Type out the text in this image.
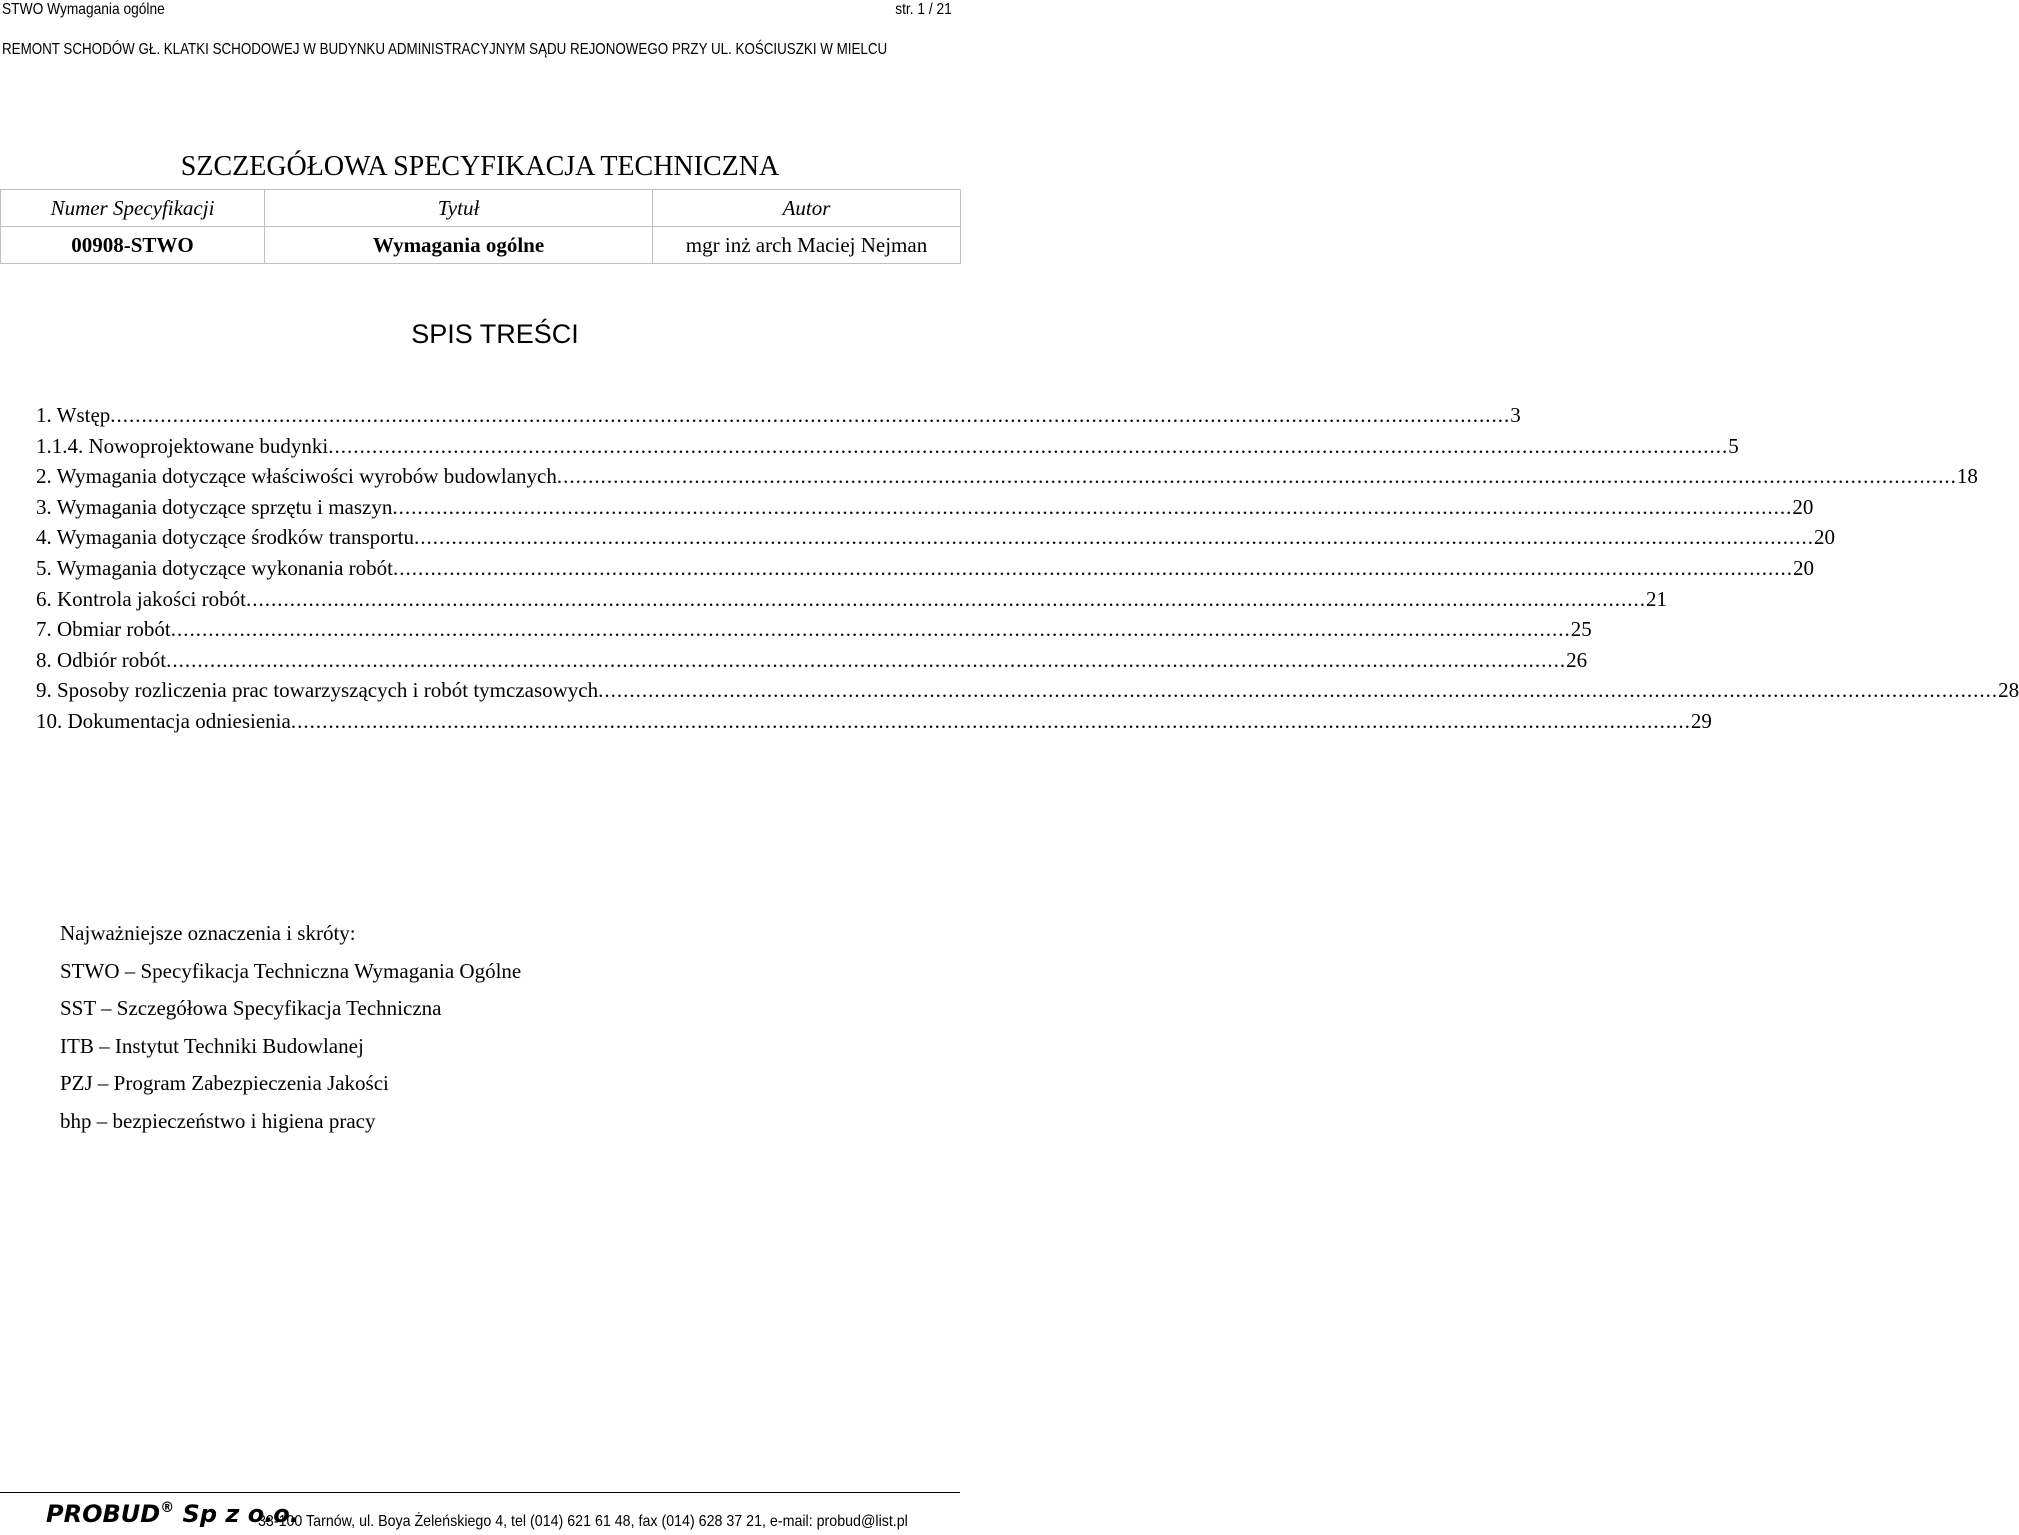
STWO Wymagania ogólne	str. 1 / 21
REMONT SCHODÓW GŁ. KLATKI SCHODOWEJ W BUDYNKU ADMINISTRACYJNYM SĄDU REJONOWEGO PRZY UL. KOŚCIUSZKI W MIELCU
SZCZEGÓŁOWA SPECYFIKACJA TECHNICZNA
Numer Specyfikacji	Tytuł	Autor
00908-STWO	Wymagania ogólne	mgr inż arch Maciej Nejman
SPIS TREŚCI
1. Wstęp .....	3
1.1.4. Nowoprojektowane budynki .....	5
2. Wymagania dotyczące właściwości wyrobów budowlanych .....	18
3. Wymagania dotyczące sprzętu i maszyn .....	20
4. Wymagania dotyczące środków transportu .....	20
5. Wymagania dotyczące wykonania robót .....	20
6. Kontrola jakości robót .....	21
7. Obmiar robót .....	25
8. Odbiór robót .....	26
9. Sposoby rozliczenia prac towarzyszących i robót tymczasowych .....	28
10. Dokumentacja odniesienia .....	29
Najważniejsze oznaczenia i skróty:
STWO – Specyfikacja Techniczna Wymagania Ogólne
SST – Szczegółowa Specyfikacja Techniczna
ITB – Instytut Techniki Budowlanej
PZJ – Program Zabezpieczenia Jakości
bhp – bezpieczeństwo i higiena pracy
PROBUD® Sp z o.o.
33-100 Tarnów, ul. Boya Żeleńskiego 4, tel (014) 621 61 48, fax (014) 628 37 21, e-mail: probud@list.pl
